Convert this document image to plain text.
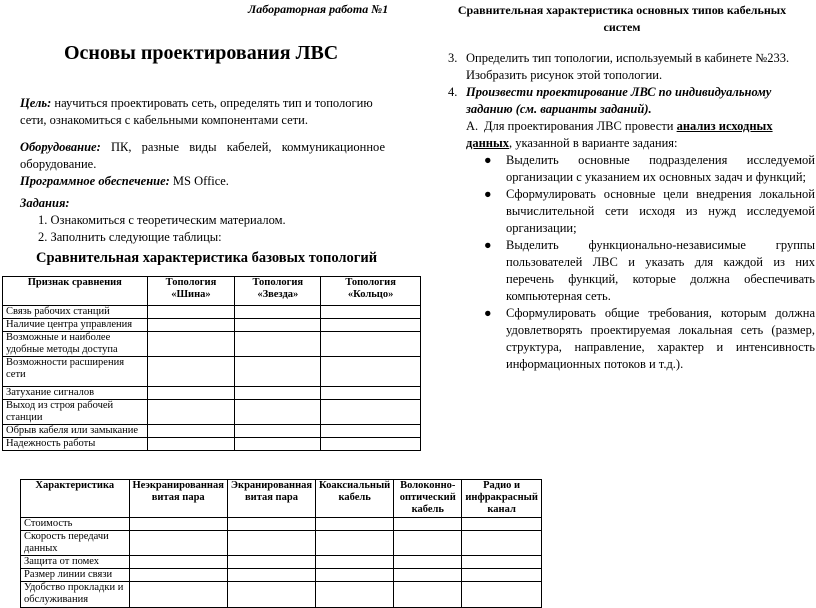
Лабораторная работа №1
Основы проектирования ЛВС
Цель: научиться проектировать сеть, определять тип и топологию
сети, ознакомиться с кабельными компонентами сети.
Оборудование: ПК, разные виды кабелей, коммуникационное
оборудование.
Программное обеспечение: MS Office.
Задания:
1. Ознакомиться с теоретическим материалом.
2. Заполнить следующие таблицы:
Сравнительная характеристика базовых топологий
Признак сравнения	Топология «Шина»	Топология «Звезда»	Топология «Кольцо»
Связь рабочих станций			
Наличие центра управления			
Возможные и наиболее удобные методы доступа			
Возможности расширения сети			
Затухание сигналов			
Выход из строя рабочей станции			
Обрыв кабеля или замыкание			
Надежность работы			
Характеристика	Неэкранированная витая пара	Экранированная витая пара	Коаксиальный кабель	Волоконно-оптический кабель	Радио и инфракрасный канал
Стоимость					
Скорость передачи данных					
Защита от помех					
Размер линии связи					
Удобство прокладки и обслуживания					
Сравнительная характеристика основных типов кабельных систем
3. Определить тип топологии, используемый в кабинете №233. Изобразить рисунок этой топологии.
4. Произвести проектирование ЛВС по индивидуальному заданию (см. варианты заданий).
А. Для проектирования ЛВС провести анализ исходных данных, указанной в варианте задания:
●	Выделить основные подразделения исследуемой организации с указанием их основных задач и функций;
●	Сформулировать основные цели внедрения локальной вычислительной сети исходя из нужд исследуемой организации;
●	Выделить функционально-независимые группы пользователей ЛВС и указать для каждой из них перечень функций, которые должна обеспечивать компьютерная сеть.
●	Сформулировать общие требования, которым должна удовлетворять проектируемая локальная сеть (размер, структура, направление, характер и интенсивность информационных потоков и т.д.).
